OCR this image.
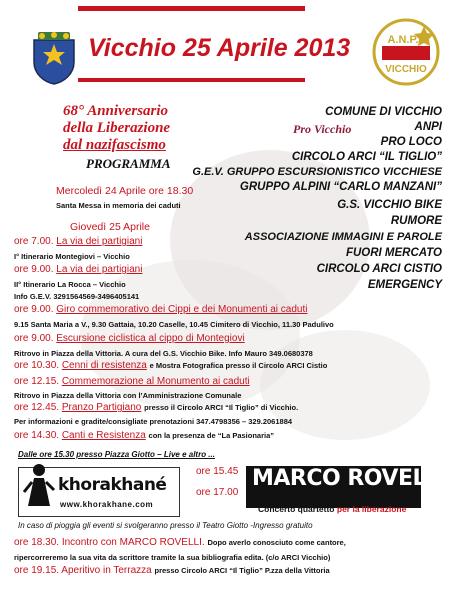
Vicchio 25 Aprile 2013	A.N.P.I.
VICCHIO
68° Anniversario
della Liberazione
dal nazifascismo
PROGRAMMA
COMUNE DI VICCHIO
ANPI
Pro Vicchio
PRO LOCO
CIRCOLO ARCI “IL TIGLIO”
G.E.V. GRUPPO ESCURSIONISTICO VICCHIESE
GRUPPO ALPINI “CARLO MANZANI”
G.S. VICCHIO BIKE
RUMORE
ASSOCIAZIONE IMMAGINI E PAROLE
FUORI MERCATO
CIRCOLO ARCI CISTIO
EMERGENCY
Mercoledì 24 Aprile ore 18.30
Santa Messa in memoria dei caduti
Giovedì 25 Aprile
ore 7.00. La via dei partigiani
I° Itinerario Montegiovi – Vicchio
ore 9.00. La via dei partigiani
II° Itinerario La Rocca – Vicchio
Info G.E.V. 3291564569-3496405141
ore 9.00. Giro commemorativo dei Cippi e dei Monumenti ai caduti
9.15 Santa Maria a V., 9.30 Gattaia, 10.20 Caselle, 10.45 Cimitero di Vicchio, 11.30 Padulivo
ore 9.00. Escursione ciclistica al cippo di Montegiovi
Ritrovo in Piazza della Vittoria. A cura del G.S. Vicchio Bike. Info Mauro 349.0680378
ore 10.30. Cenni di resistenza e Mostra Fotografica presso il Circolo ARCI Cistio
ore 12.15. Commemorazione al Monumento ai caduti
Ritrovo in Piazza della Vittoria con l’Amministrazione Comunale
ore 12.45. Pranzo Partigiano presso il Circolo ARCI “Il Tiglio” di Vicchio.
Per informazioni e gradite/consigliate prenotazioni 347.4798356 – 329.2061884
ore 14.30. Canti e Resistenza con la presenza de “La Pasionaria”
Dalle ore 15.30 presso Piazza Giotto – Live e altro ...
khorakhané
www.khorakhane.com
ore 15.45
ore 17.00
MARCO ROVELLI
Concerto quartetto per la liberazione
In caso di pioggia gli eventi si svolgeranno presso il Teatro Giotto -Ingresso gratuito
ore 18.30. Incontro con MARCO ROVELLI. Dopo averlo conosciuto come cantore,
ripercorreremo la sua vita da scrittore tramite la sua bibliografia edita. (c/o ARCI Vicchio)
ore 19.15. Aperitivo in Terrazza presso Circolo ARCI “Il Tiglio” P.zza della Vittoria
